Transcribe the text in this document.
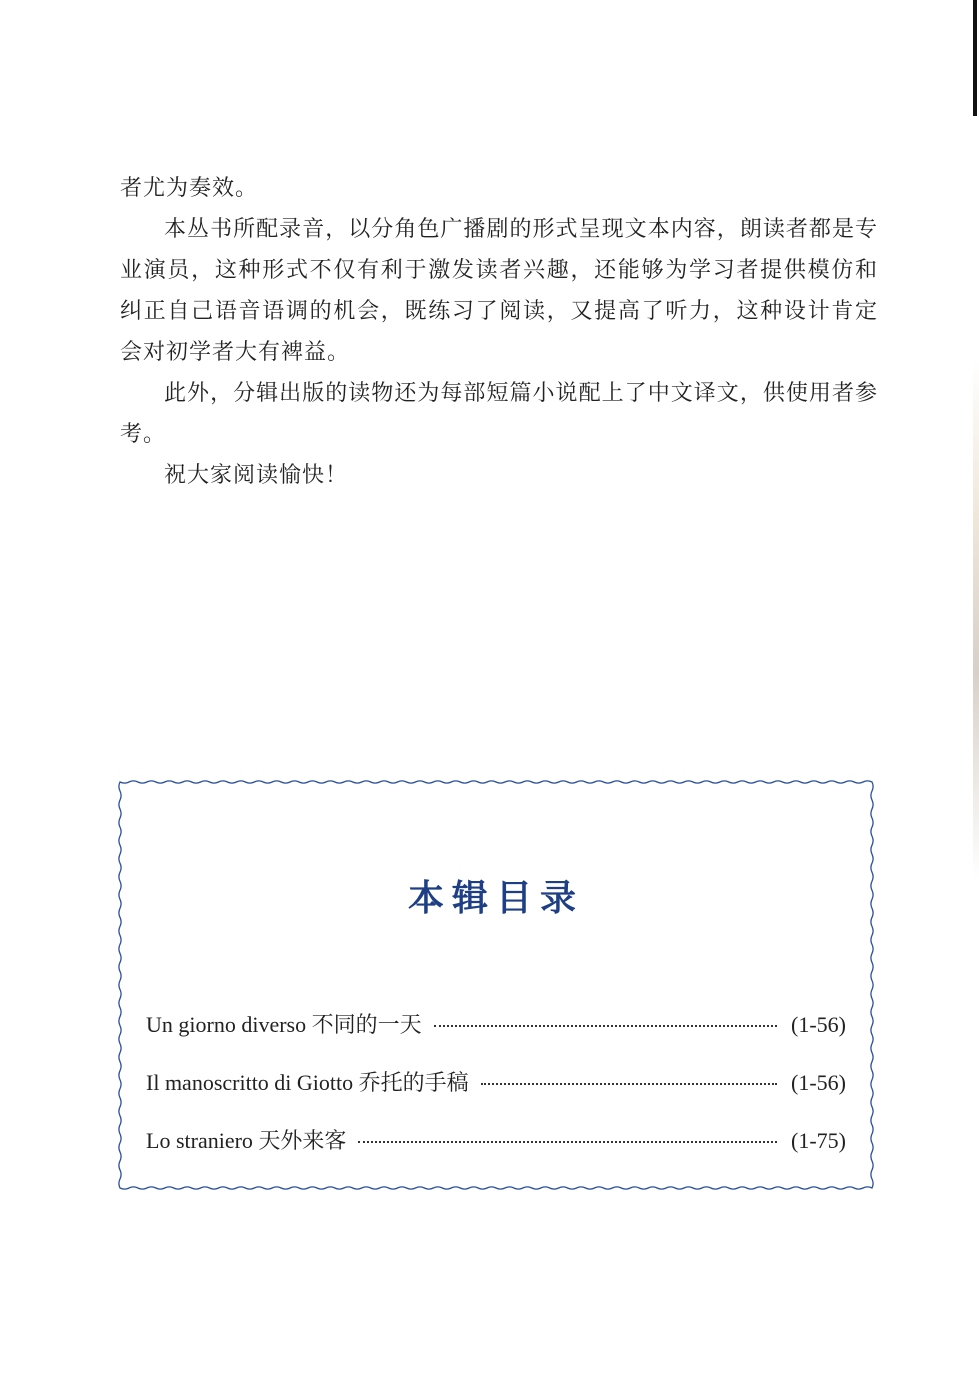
者尤为奏效。

本丛书所配录音，以分角色广播剧的形式呈现文本内容，朗读者都是专业演员，这种形式不仅有利于激发读者兴趣，还能够为学习者提供模仿和纠正自己语音语调的机会，既练习了阅读，又提高了听力，这种设计肯定会对初学者大有裨益。

此外，分辑出版的读物还为每部短篇小说配上了中文译文，供使用者参考。

祝大家阅读愉快！

本辑目录
Un giorno diverso 不同的一天	(1-56)
Il manoscritto di Giotto 乔托的手稿	(1-56)
Lo straniero 天外来客	(1-75)
